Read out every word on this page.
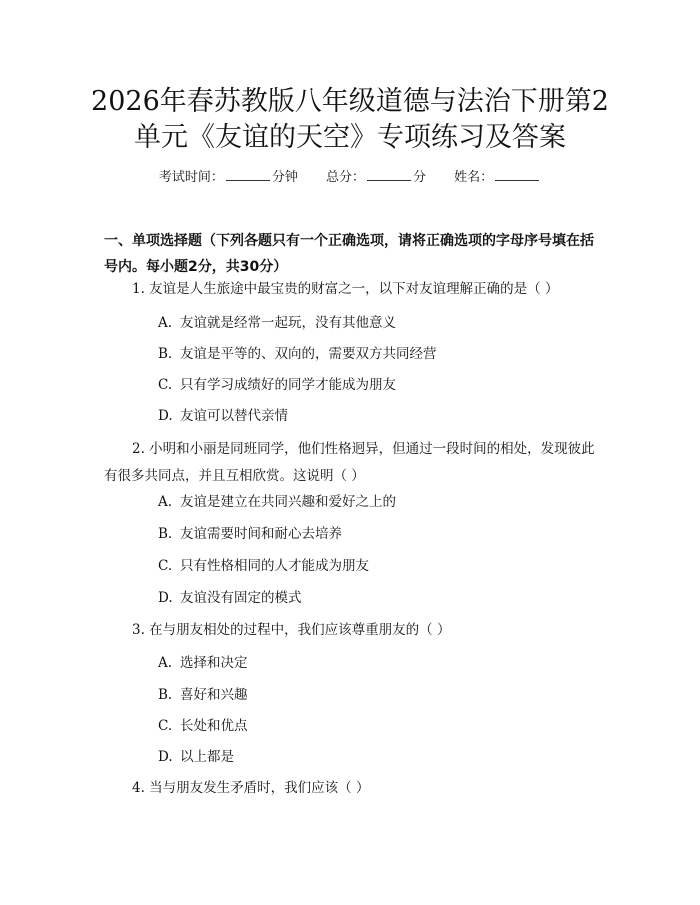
2026年春苏教版八年级道德与法治下册第2
单元《友谊的天空》专项练习及答案
考试时间：	分钟 总分：	分 姓名：
一、单项选择题（下列各题只有一个正确选项，请将正确选项的字母序号填在括号内。每小题2分，共30分）
1. 友谊是人生旅途中最宝贵的财富之一，以下对友谊理解正确的是（ ）
A. 友谊就是经常一起玩，没有其他意义
B. 友谊是平等的、双向的，需要双方共同经营
C. 只有学习成绩好的同学才能成为朋友
D. 友谊可以替代亲情
2. 小明和小丽是同班同学，他们性格迥异，但通过一段时间的相处，发现彼此有很多共同点，并且互相欣赏。这说明（ ）
A. 友谊是建立在共同兴趣和爱好之上的
B. 友谊需要时间和耐心去培养
C. 只有性格相同的人才能成为朋友
D. 友谊没有固定的模式
3. 在与朋友相处的过程中，我们应该尊重朋友的（ ）
A. 选择和决定
B. 喜好和兴趣
C. 长处和优点
D. 以上都是
4. 当与朋友发生矛盾时，我们应该（ ）
